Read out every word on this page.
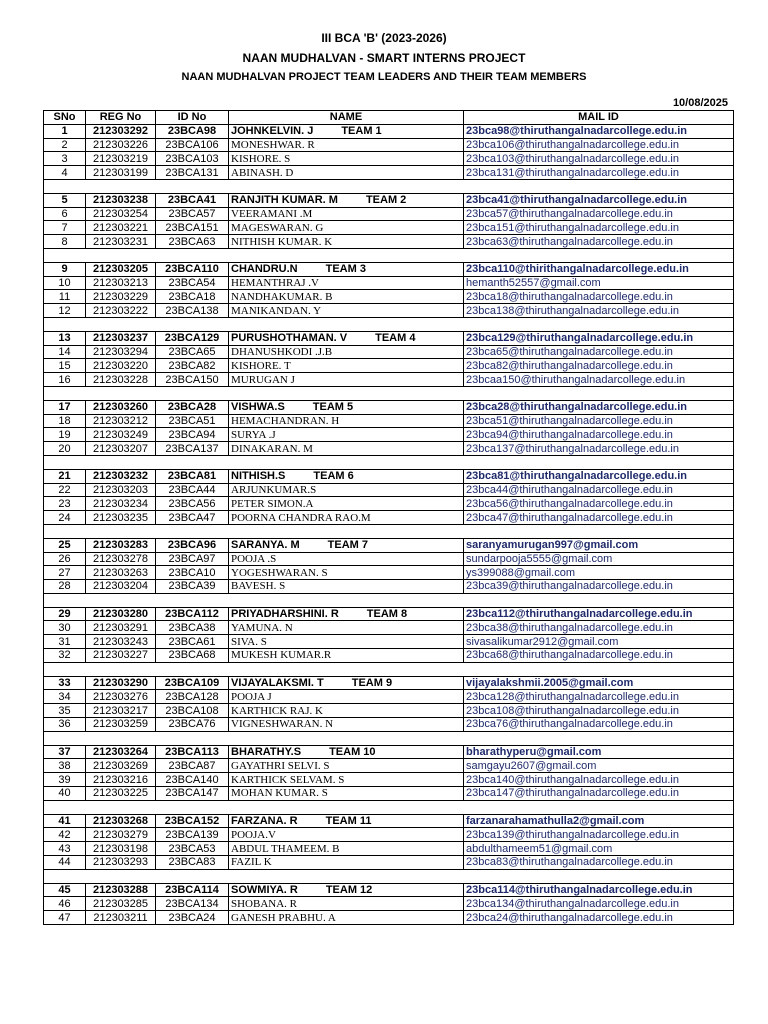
III BCA 'B' (2023-2026)
NAAN MUDHALVAN - SMART INTERNS PROJECT
NAAN MUDHALVAN PROJECT TEAM LEADERS AND THEIR TEAM MEMBERS
10/08/2025
SNo	REG No	ID No	NAME	MAIL ID
1	212303292	23BCA98	JOHNKELVIN. J TEAM 1	23bca98@thiruthangalnadarcollege.edu.in
2	212303226	23BCA106	MONESHWAR. R	23bca106@thiruthangalnadarcollege.edu.in
3	212303219	23BCA103	KISHORE. S	23bca103@thiruthangalnadarcollege.edu.in
4	212303199	23BCA131	ABINASH. D	23bca131@thiruthangalnadarcollege.edu.in

5	212303238	23BCA41	RANJITH KUMAR. M TEAM 2	23bca41@thiruthangalnadarcollege.edu.in
6	212303254	23BCA57	VEERAMANI .M	23bca57@thiruthangalnadarcollege.edu.in
7	212303221	23BCA151	MAGESWARAN. G	23bca151@thiruthangalnadarcollege.edu.in
8	212303231	23BCA63	NITHISH KUMAR. K	23bca63@thiruthangalnadarcollege.edu.in

9	212303205	23BCA110	CHANDRU.N TEAM 3	23bca110@thirithangalnadarcollege.edu.in
10	212303213	23BCA54	HEMANTHRAJ .V	hemanth52557@gmail.com
11	212303229	23BCA18	NANDHAKUMAR. B	23bca18@thiruthangalnadarcollege.edu.in
12	212303222	23BCA138	MANIKANDAN. Y	23bca138@thiruthangalnadarcollege.edu.in

13	212303237	23BCA129	PURUSHOTHAMAN. V TEAM 4	23bca129@thiruthangalnadarcollege.edu.in
14	212303294	23BCA65	DHANUSHKODI .J.B	23bca65@thiruthangalnadarcollege.edu.in
15	212303220	23BCA82	KISHORE. T	23bca82@thiruthangalnadarcollege.edu.in
16	212303228	23BCA150	MURUGAN J	23bcaa150@thiruthangalnadarcollege.edu.in

17	212303260	23BCA28	VISHWA.S TEAM 5	23bca28@thiruthangalnadarcollege.edu.in
18	212303212	23BCA51	HEMACHANDRAN. H	23bca51@thiruthangalnadarcollege.edu.in
19	212303249	23BCA94	SURYA .J	23bca94@thiruthangalnadarcollege.edu.in
20	212303207	23BCA137	DINAKARAN. M	23bca137@thiruthangalnadarcollege.edu.in

21	212303232	23BCA81	NITHISH.S TEAM 6	23bca81@thiruthangalnadarcollege.edu.in
22	212303203	23BCA44	ARJUNKUMAR.S	23bca44@thiruthangalnadarcollege.edu.in
23	212303234	23BCA56	PETER SIMON.A	23bca56@thiruthangalnadarcollege.edu.in
24	212303235	23BCA47	POORNA CHANDRA RAO.M	23bca47@thiruthangalnadarcollege.edu.in

25	212303283	23BCA96	SARANYA. M TEAM 7	saranyamurugan997@gmail.com
26	212303278	23BCA97	POOJA .S	sundarpooja5555@gmail.com
27	212303263	23BCA10	YOGESHWARAN. S	ys399088@gmail.com
28	212303204	23BCA39	BAVESH. S	23bca39@thiruthangalnadarcollege.edu.in

29	212303280	23BCA112	PRIYADHARSHINI. R TEAM 8	23bca112@thiruthangalnadarcollege.edu.in
30	212303291	23BCA38	YAMUNA. N	23bca38@thiruthangalnadarcollege.edu.in
31	212303243	23BCA61	SIVA. S	sivasalikumar2912@gmail.com
32	212303227	23BCA68	MUKESH KUMAR.R	23bca68@thiruthangalnadarcollege.edu.in

33	212303290	23BCA109	VIJAYALAKSMI. T TEAM 9	vijayalakshmii.2005@gmail.com
34	212303276	23BCA128	POOJA J	23bca128@thiruthangalnadarcollege.edu.in
35	212303217	23BCA108	KARTHICK RAJ. K	23bca108@thiruthangalnadarcollege.edu.in
36	212303259	23BCA76	VIGNESHWARAN. N	23bca76@thiruthangalnadarcollege.edu.in

37	212303264	23BCA113	BHARATHY.S TEAM 10	bharathyperu@gmail.com
38	212303269	23BCA87	GAYATHRI SELVI. S	samgayu2607@gmail.com
39	212303216	23BCA140	KARTHICK SELVAM. S	23bca140@thiruthangalnadarcollege.edu.in
40	212303225	23BCA147	MOHAN KUMAR. S	23bca147@thiruthangalnadarcollege.edu.in

41	212303268	23BCA152	FARZANA. R TEAM 11	farzanarahamathulla2@gmail.com
42	212303279	23BCA139	POOJA.V	23bca139@thiruthangalnadarcollege.edu.in
43	212303198	23BCA53	ABDUL THAMEEM. B	abdulthameem51@gmail.com
44	212303293	23BCA83	FAZIL K	23bca83@thiruthangalnadarcollege.edu.in

45	212303288	23BCA114	SOWMIYA. R TEAM 12	23bca114@thiruthangalnadarcollege.edu.in
46	212303285	23BCA134	SHOBANA. R	23bca134@thiruthangalnadarcollege.edu.in
47	212303211	23BCA24	GANESH PRABHU. A	23bca24@thiruthangalnadarcollege.edu.in
